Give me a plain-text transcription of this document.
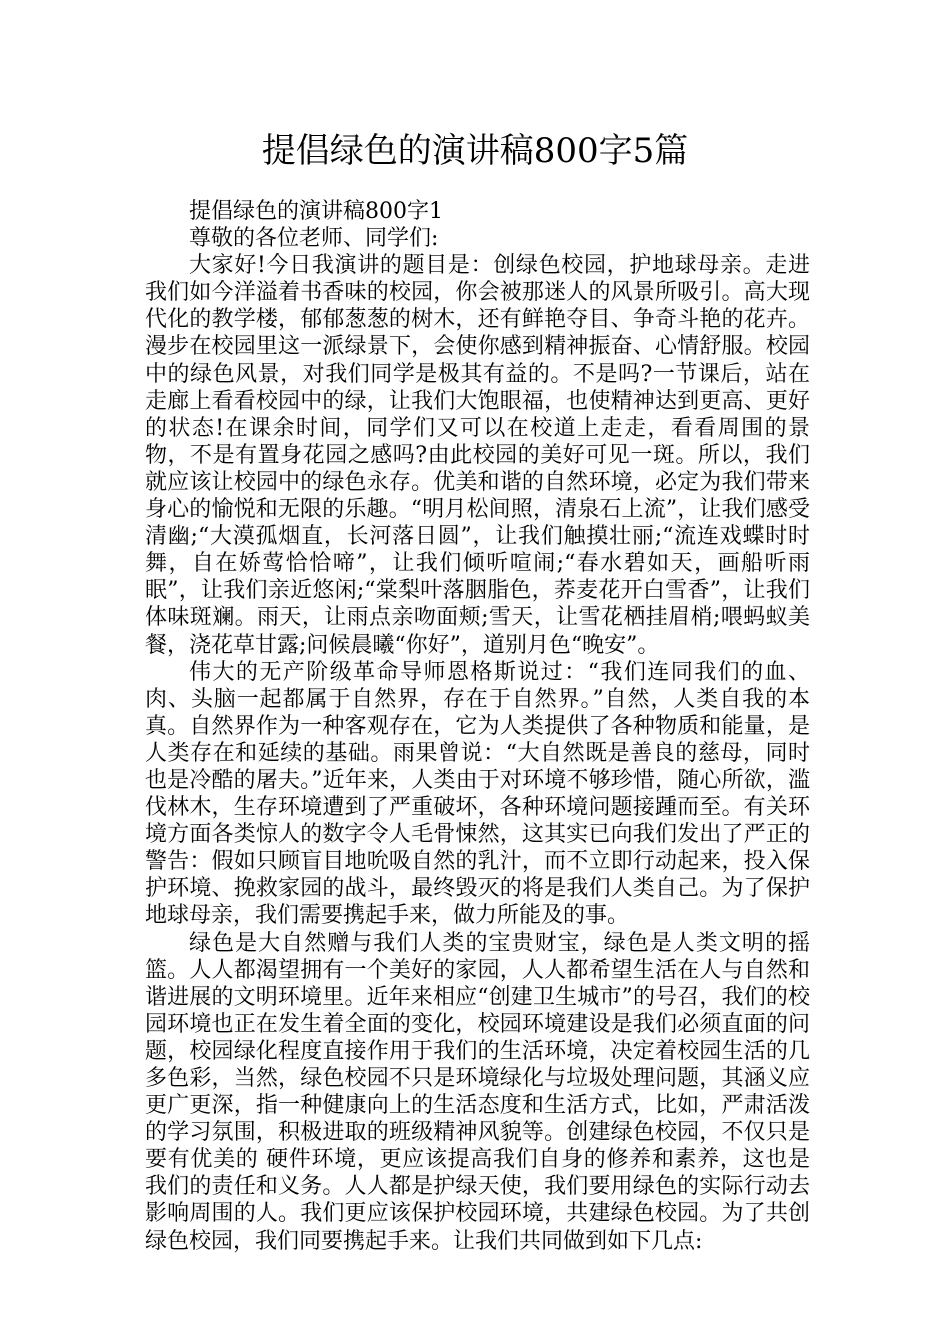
提倡绿色的演讲稿800字5篇

提倡绿色的演讲稿800字1

尊敬的各位老师、同学们:

大家好!今日我演讲的题目是：创绿色校园，护地球母亲。走进我们如今洋溢着书香味的校园，你会被那迷人的风景所吸引。高大现代化的教学楼，郁郁葱葱的树木，还有鲜艳夺目、争奇斗艳的花卉。漫步在校园里这一派绿景下，会使你感到精神振奋、心情舒服。校园中的绿色风景，对我们同学是极其有益的。不是吗?一节课后，站在走廊上看看校园中的绿，让我们大饱眼福，也使精神达到更高、更好的状态!在课余时间，同学们又可以在校道上走走，看看周围的景物，不是有置身花园之感吗?由此校园的美好可见一斑。所以，我们就应该让校园中的绿色永存。优美和谐的自然环境，必定为我们带来身心的愉悦和无限的乐趣。“明月松间照，清泉石上流”，让我们感受清幽;“大漠孤烟直，长河落日圆”，让我们触摸壮丽;“流连戏蝶时时舞，自在娇莺恰恰啼”，让我们倾听喧闹;“春水碧如天，画船听雨眠”，让我们亲近悠闲;“棠梨叶落胭脂色，荞麦花开白雪香”，让我们体味斑斓。雨天，让雨点亲吻面颊;雪天，让雪花栖挂眉梢;喂蚂蚁美餐，浇花草甘露;问候晨曦“你好”，道别月色“晚安”。

伟大的无产阶级革命导师恩格斯说过：“我们连同我们的血、肉、头脑一起都属于自然界，存在于自然界。”自然，人类自我的本真。自然界作为一种客观存在，它为人类提供了各种物质和能量，是人类存在和延续的基础。雨果曾说：“大自然既是善良的慈母，同时也是冷酷的屠夫。”近年来，人类由于对环境不够珍惜，随心所欲，滥伐林木，生存环境遭到了严重破坏，各种环境问题接踵而至。有关环境方面各类惊人的数字令人毛骨悚然，这其实已向我们发出了严正的警告：假如只顾盲目地吮吸自然的乳汁，而不立即行动起来，投入保护环境、挽救家园的战斗，最终毁灭的将是我们人类自己。为了保护地球母亲，我们需要携起手来，做力所能及的事。

绿色是大自然赠与我们人类的宝贵财宝，绿色是人类文明的摇篮。人人都渴望拥有一个美好的家园，人人都希望生活在人与自然和谐进展的文明环境里。近年来相应“创建卫生城市”的号召，我们的校园环境也正在发生着全面的变化，校园环境建设是我们必须直面的问题，校园绿化程度直接作用于我们的生活环境，决定着校园生活的几多色彩，当然，绿色校园不只是环境绿化与垃圾处理问题，其涵义应更广更深，指一种健康向上的生活态度和生活方式，比如，严肃活泼的学习氛围，积极进取的班级精神风貌等。创建绿色校园，不仅只是要有优美的 硬件环境，更应该提高我们自身的修养和素养，这也是我们的责任和义务。人人都是护绿天使，我们要用绿色的实际行动去影响周围的人。我们更应该保护校园环境，共建绿色校园。为了共创绿色校园，我们同要携起手来。让我们共同做到如下几点:
